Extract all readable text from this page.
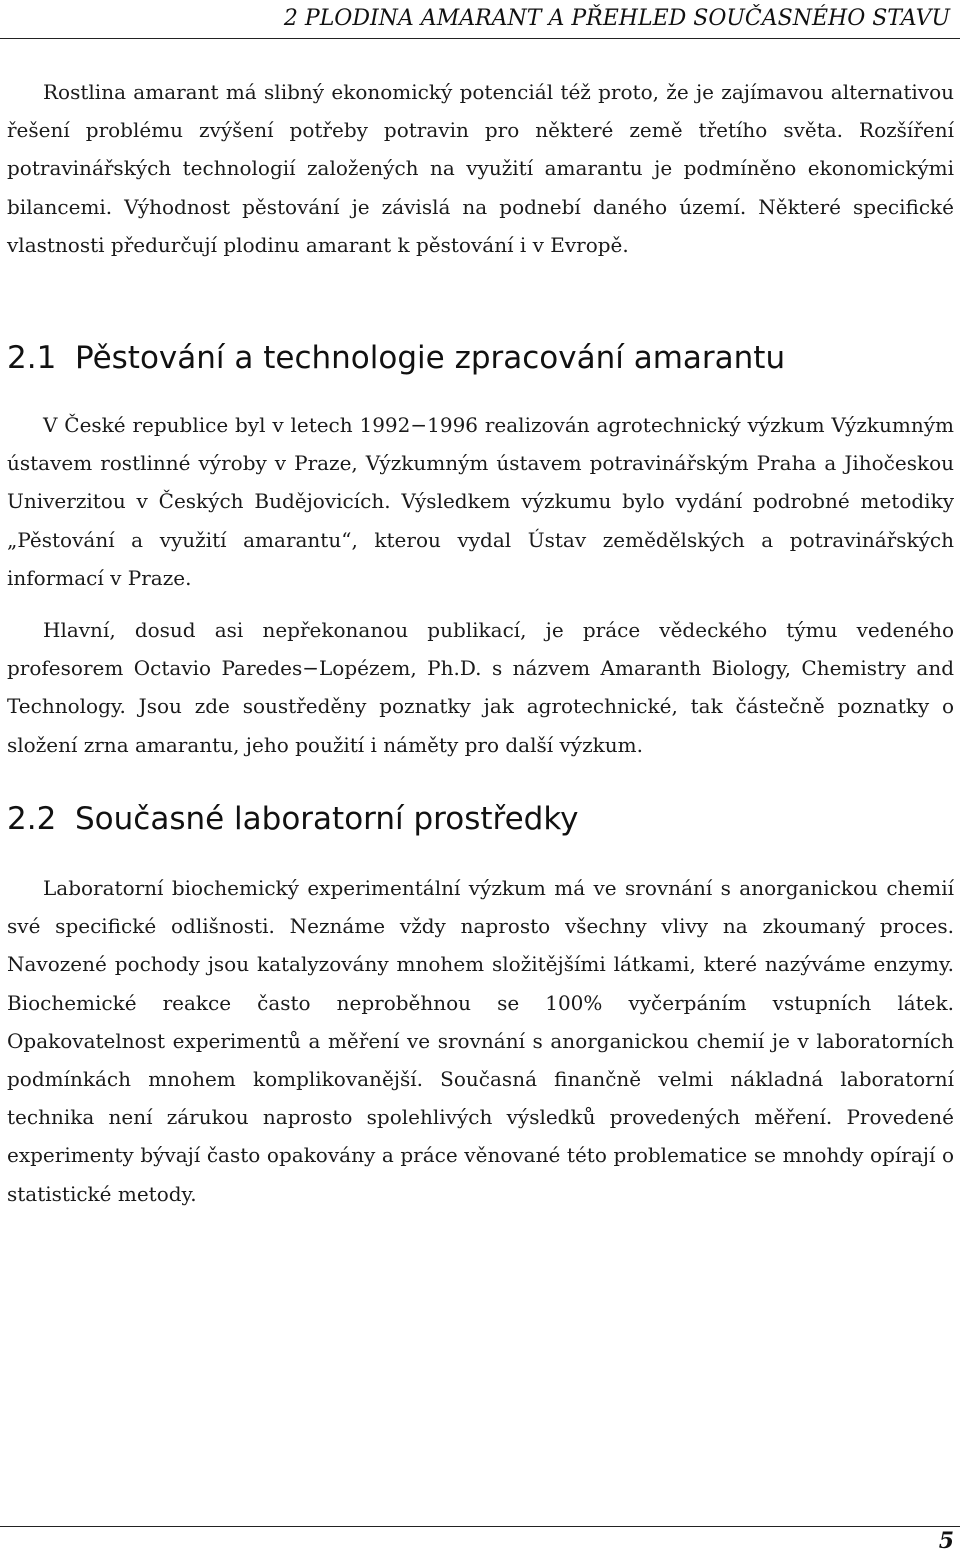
2 PLODINA AMARANT A PŘEHLED SOUČASNÉHO STAVU

Rostlina amarant má slibný ekonomický potenciál též proto, že je zajímavou alternativou řešení problému zvýšení potřeby potravin pro některé země třetího světa. Rozšíření potravinářských technologií založených na využití amarantu je podmíněno ekonomickými bilancemi. Výhodnost pěstování je závislá na podnebí daného území. Některé specifické vlastnosti předurčují plodinu amarant k pěstování i v Evropě.

2.1 Pěstování a technologie zpracování amarantu

V České republice byl v letech 1992−1996 realizován agrotechnický výzkum Výzkumným ústavem rostlinné výroby v Praze, Výzkumným ústavem potravinářským Praha a Jihočeskou Univerzitou v Českých Budějovicích. Výsledkem výzkumu bylo vydání podrobné metodiky „Pěstování a využití amarantu“, kterou vydal Ústav zemědělských a potravinářských informací v Praze.

Hlavní, dosud asi nepřekonanou publikací, je práce vědeckého týmu vedeného profesorem Octavio Paredes−Lopézem, Ph.D. s názvem Amaranth Biology, Chemistry and Technology. Jsou zde soustředěny poznatky jak agrotechnické, tak částečně poznatky o složení zrna amarantu, jeho použití i náměty pro další výzkum.

2.2 Současné laboratorní prostředky

Laboratorní biochemický experimentální výzkum má ve srovnání s anorganickou chemií své specifické odlišnosti. Neznáme vždy naprosto všechny vlivy na zkoumaný proces. Navozené pochody jsou katalyzovány mnohem složitějšími látkami, které nazýváme enzymy. Biochemické reakce často neproběhnou se 100% vyčerpáním vstupních látek. Opakovatelnost experimentů a měření ve srovnání s anorganickou chemií je v laboratorních podmínkách mnohem komplikovanější. Současná finančně velmi nákladná laboratorní technika není zárukou naprosto spolehlivých výsledků provedených měření. Provedené experimenty bývají často opakovány a práce věnované této problematice se mnohdy opírají o statistické metody.

5
